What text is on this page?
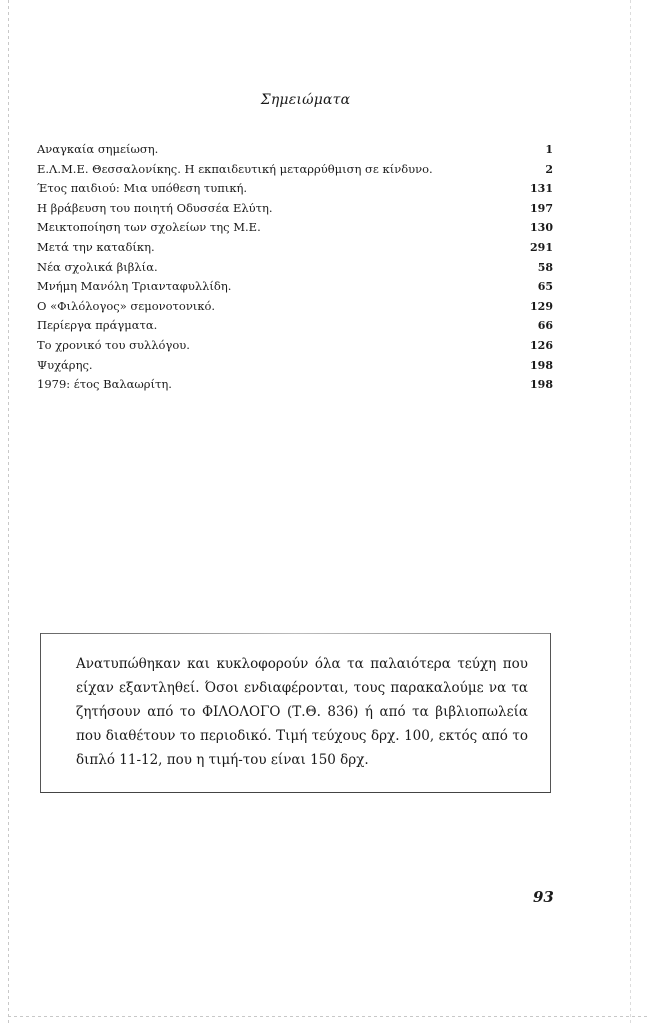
Σημειώματα
Αναγκαία σημείωση.	1
Ε.Λ.Μ.Ε. Θεσσαλονίκης. Η εκπαιδευτική μεταρρύθμιση σε κίνδυνο.	2
Έτος παιδιού: Μια υπόθεση τυπική.	131
Η βράβευση του ποιητή Οδυσσέα Ελύτη.	197
Μεικτοποίηση των σχολείων της Μ.Ε.	130
Μετά την καταδίκη.	291
Νέα σχολικά βιβλία.	58
Μνήμη Μανόλη Τριανταφυλλίδη.	65
Ο «Φιλόλογος» σεμονοτονικό.	129
Περίεργα πράγματα.	66
Το χρονικό του συλλόγου.	126
Ψυχάρης.	198
1979: έτος Βαλαωρίτη.	198
Ανατυπώθηκαν και κυκλοφορούν όλα τα παλαιότερα τεύχη που είχαν εξαντληθεί. Όσοι ενδιαφέρονται, τους παρακαλούμε να τα ζητήσουν από το ΦΙΛΟΛΟΓΟ (Τ.Θ. 836) ή από τα βιβλιοπωλεία που διαθέτουν το περιοδικό. Τιμή τεύχους δρχ. 100, εκτός από το διπλό 11-12, που η τιμή-του είναι 150 δρχ.
93
